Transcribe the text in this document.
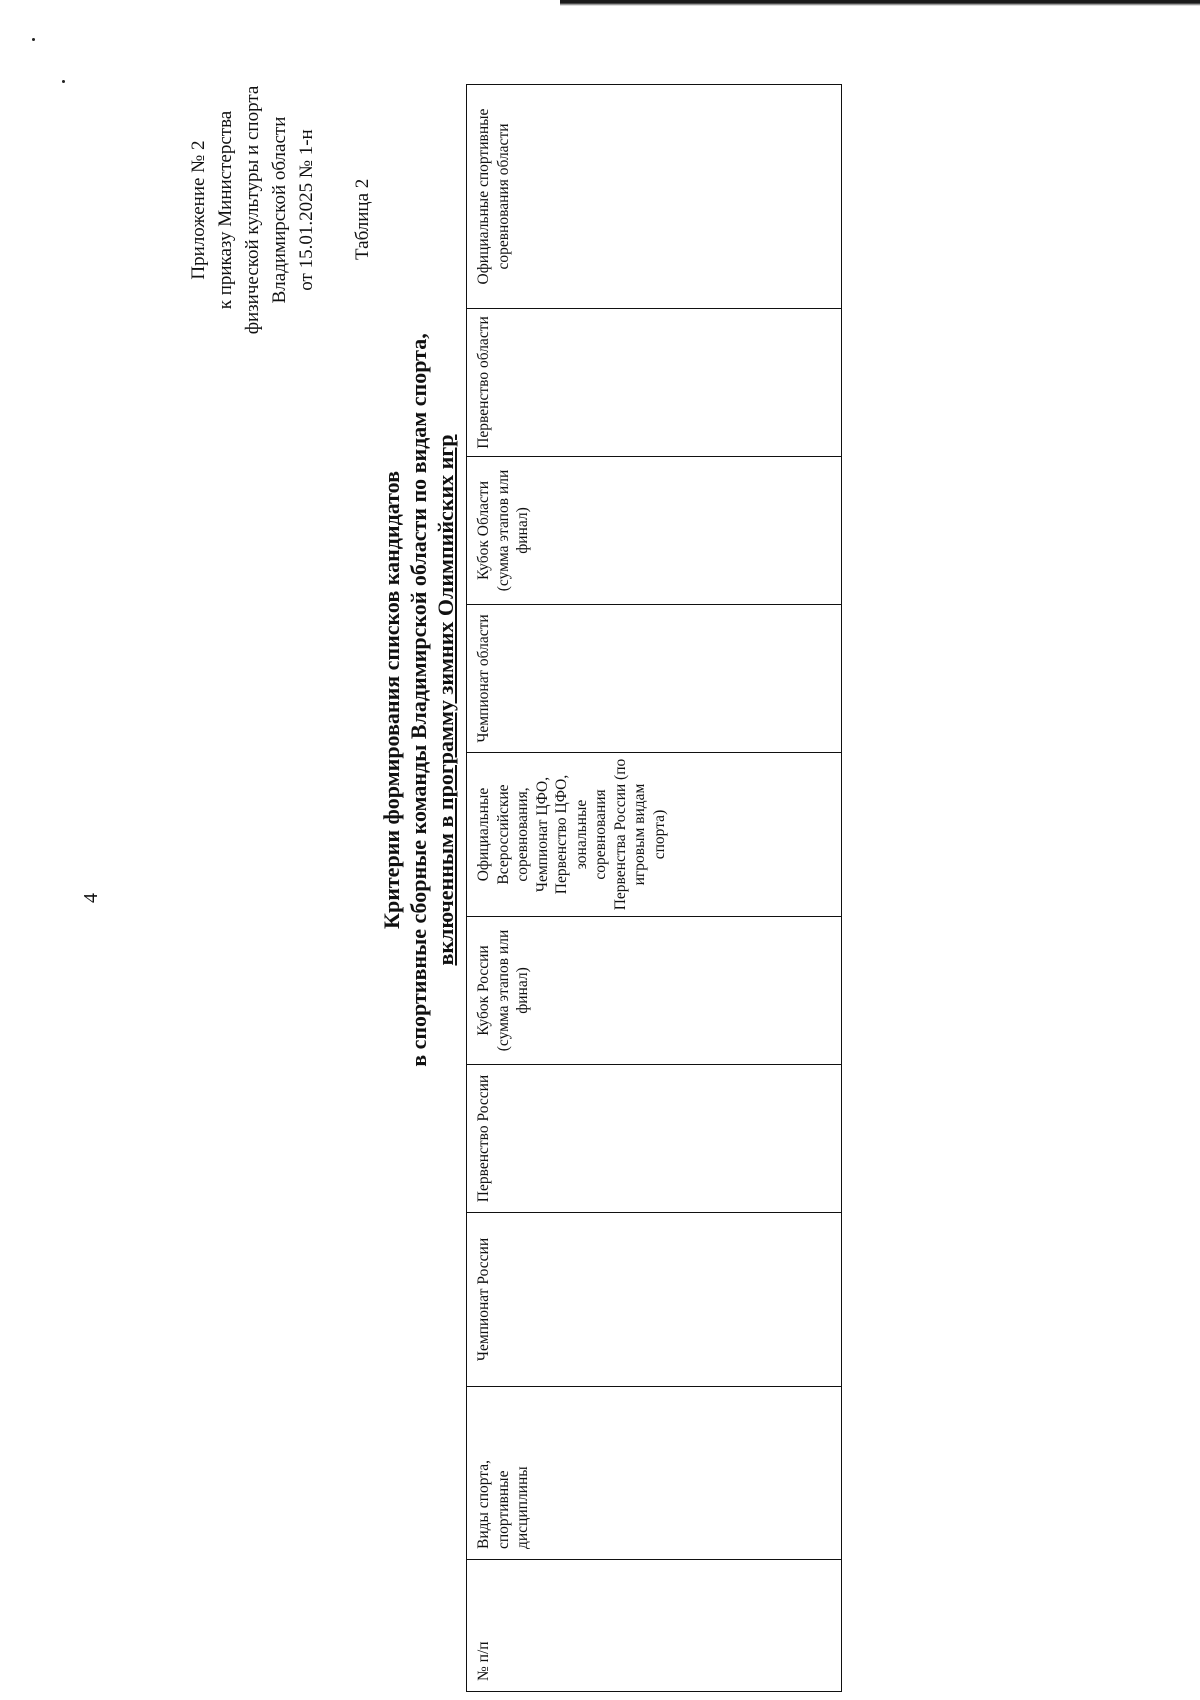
4
Приложение № 2 к приказу Министерства физической культуры и спорта Владимирской области от 15.01.2025 № 1-н Таблица 2
Критерии формирования списков кандидатов в спортивные сборные команды Владимирской области по видам спорта, включенным в программу зимних Олимпийских игр
№ п/п	Виды спорта, спортивные дисциплины	Чемпионат России	Первенство России	Кубок России (сумма этапов или финал)	Официальные Всероссийские соревнования, Чемпионат ЦФО, Первенство ЦФО, зональные соревнования Первенства России (по игровым видам спорта)	Чемпионат области	Кубок Области (сумма этапов или финал)	Первенство области	Официальные спортивные соревнования области
